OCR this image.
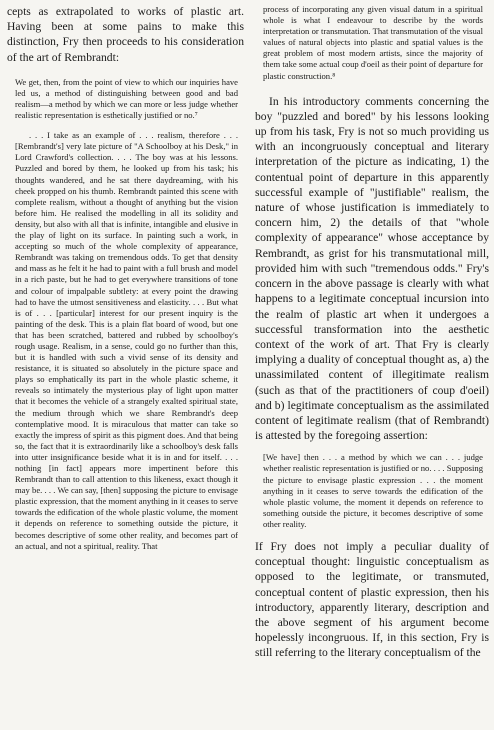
cepts as extrapolated to works of plastic art. Having been at some pains to make this distinction, Fry then proceeds to his consideration of the art of Rembrandt:

We get, then, from the point of view to which our inquiries have led us, a method of distinguishing between good and bad realism—a method by which we can more or less judge whether realistic representation is esthetically justified or no.⁷

. . . I take as an example of . . . realism, therefore . . . [Rembrandt's] very late picture of "A Schoolboy at his Desk," in Lord Crawford's collection. . . . The boy was at his lessons. Puzzled and bored by them, he looked up from his task; his thoughts wandered, and he sat there daydreaming, with his cheek propped on his thumb. Rembrandt painted this scene with complete realism, without a thought of anything but the vision before him. He realised the modelling in all its solidity and density, but also with all that is infinite, intangible and elusive in the play of light on its surface. In painting such a work, in accepting so much of the whole complexity of appearance, Rembrandt was taking on tremendous odds. To get that density and mass as he felt it he had to paint with a full brush and model in a rich paste, but he had to get everywhere transitions of tone and colour of impalpable subtlety: at every point the drawing had to have the utmost sensitiveness and elasticity. . . . But what is of . . . [particular] interest for our present inquiry is the painting of the desk. This is a plain flat board of wood, but one that has been scratched, battered and rubbed by schoolboy's rough usage. Realism, in a sense, could go no further than this, but it is handled with such a vivid sense of its density and resistance, it is situated so absolutely in the picture space and plays so emphatically its part in the whole plastic scheme, it reveals so intimately the mysterious play of light upon matter that it becomes the vehicle of a strangely exalted spiritual state, the medium through which we share Rembrandt's deep contemplative mood. It is miraculous that matter can take so exactly the impress of spirit as this pigment does. And that being so, the fact that it is extraordinarily like a schoolboy's desk falls into utter insignificance beside what it is in and for itself. . . . nothing [in fact] appears more impertinent before this Rembrandt than to call attention to this likeness, exact though it may be. . . . We can say, [then] supposing the picture to envisage plastic expression, that the moment anything in it ceases to serve towards the edification of the whole plastic volume, the moment it depends on reference to something outside the picture, it becomes descriptive of some other reality, and becomes part of an actual, and not a spiritual, reality. That

process of incorporating any given visual datum in a spiritual whole is what I endeavour to describe by the words interpretation or transmutation. That transmutation of the visual values of natural objects into plastic and spatial values is the great problem of most modern artists, since the majority of them take some actual coup d'oeil as their point of departure for plastic construction.⁸

In his introductory comments concerning the boy "puzzled and bored" by his lessons looking up from his task, Fry is not so much providing us with an incongruously conceptual and literary interpretation of the picture as indicating, 1) the contentual point of departure in this apparently successful example of "justifiable" realism, the nature of whose justification is immediately to concern him, 2) the details of that "whole complexity of appearance" whose acceptance by Rembrandt, as grist for his transmutational mill, provided him with such "tremendous odds." Fry's concern in the above passage is clearly with what happens to a legitimate conceptual incursion into the realm of plastic art when it undergoes a successful transformation into the aesthetic context of the work of art. That Fry is clearly implying a duality of conceptual thought as, a) the unassimilated content of illegitimate realism (such as that of the practitioners of coup d'oeil) and b) legitimate conceptualism as the assimilated content of legitimate realism (that of Rembrandt) is attested by the foregoing assertion:

[We have] then . . . a method by which we can . . . judge whether realistic representation is justified or no. . . . Supposing the picture to envisage plastic expression . . . the moment anything in it ceases to serve towards the edification of the whole plastic volume, the moment it depends on reference to something outside the picture, it becomes descriptive of some other reality.

If Fry does not imply a peculiar duality of conceptual thought: linguistic conceptualism as opposed to the legitimate, or transmuted, conceptual content of plastic expression, then his introductory, apparently literary, description and the above segment of his argument become hopelessly incongruous. If, in this section, Fry is still referring to the literary conceptualism of the
